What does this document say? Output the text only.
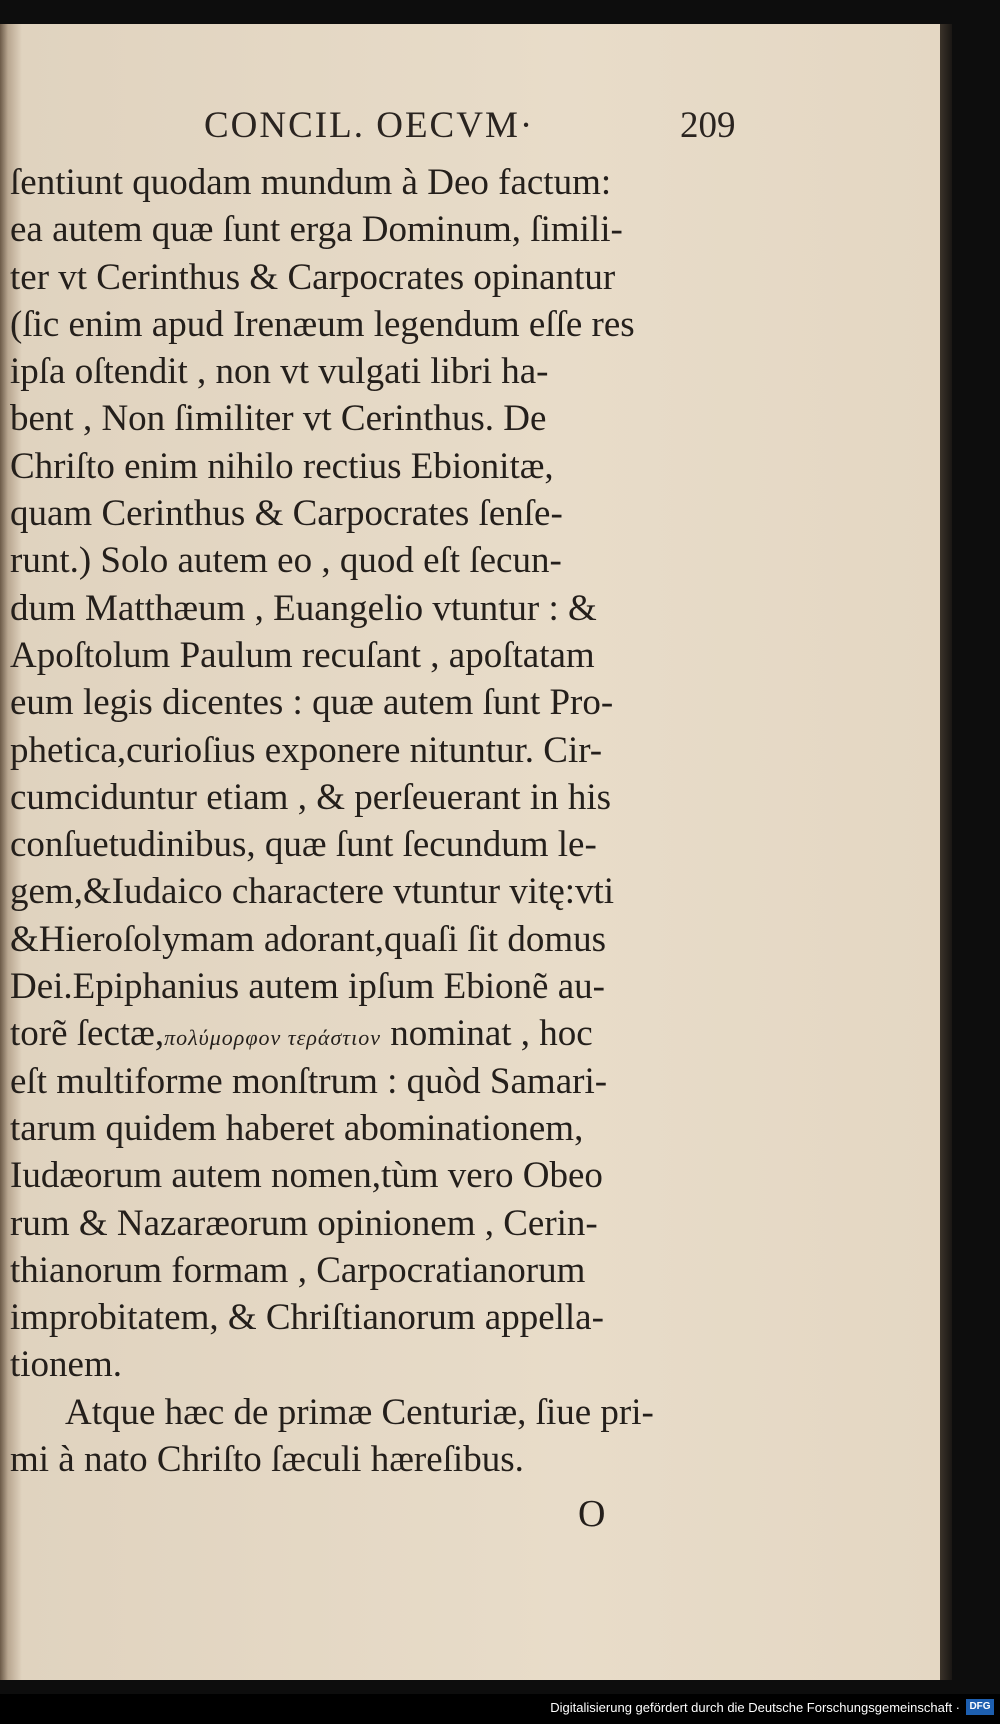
CONCIL. OECVM·	209
ſentiunt quodam mundum à Deo factum:
ea autem quæ ſunt erga Dominum, ſimili-
ter vt Cerinthus & Carpocrates opinantur
(ſic enim apud Irenæum legendum eſſe res
ipſa oſtendit , non vt vulgati libri ha-
bent , Non ſimiliter vt Cerinthus. De
Chriſto enim nihilo rectius Ebionitæ,
quam Cerinthus & Carpocrates ſenſe-
runt.) Solo autem eo , quod eſt ſecun-
dum Matthæum , Euangelio vtuntur : &
Apoſtolum Paulum recuſant , apoſtatam
eum legis dicentes : quæ autem ſunt Pro-
phetica,curioſius exponere nituntur. Cir-
cumciduntur etiam , & perſeuerant in his
conſuetudinibus, quæ ſunt ſecundum le-
gem,&Iudaico charactere vtuntur vitę:vti
&Hieroſolymam adorant,quaſi ſit domus
Dei.Epiphanius autem ipſum Ebionẽ au-
torẽ ſectæ,πολύμορφον τεράστιον nominat , hoc
eſt multiforme monſtrum : quòd Samari-
tarum quidem haberet abominationem,
Iudæorum autem nomen,tùm vero Obeo
rum & Nazaræorum opinionem , Cerin-
thianorum formam , Carpocratianorum
improbitatem, & Chriſtianorum appella-
tionem.
Atque hæc de primæ Centuriæ, ſiue pri-
mi à nato Chriſto ſæculi hæreſibus.
O
Digitalisierung gefördert durch die Deutsche Forschungsgemeinschaft · DFG
